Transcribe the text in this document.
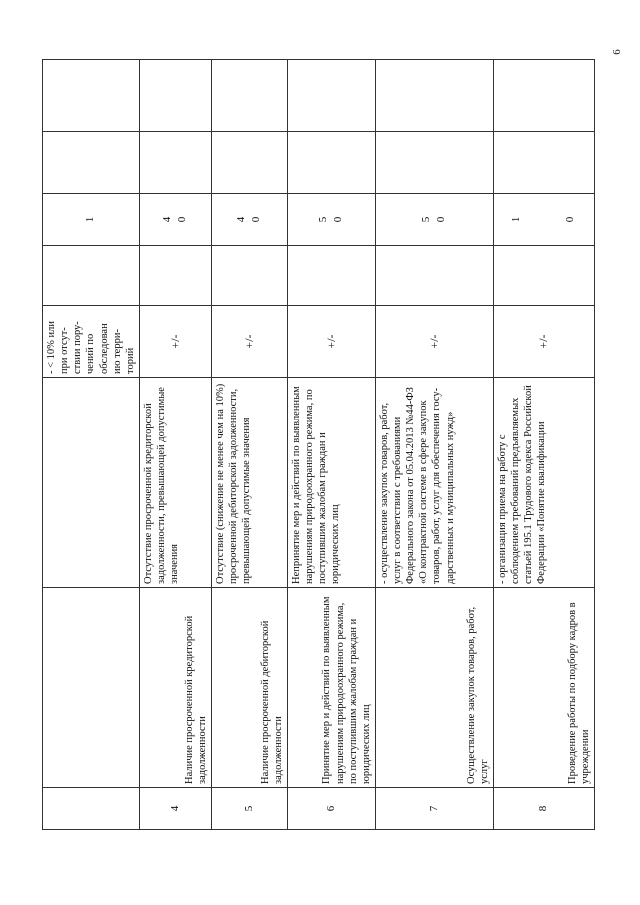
6
			- < 10% или при отсут-ствии пору-чений по обследован ию терри-торий		1		
4	Наличие просроченной кредиторской задолженности	Отсутствие просроченной кредиторской задолженности, превышающей допустимые значения	+/-		4 0		

5	Наличие просроченной дебиторской задолженности	Отсутствие (снижение не менее чем на 10%) просроченной дебиторской задолженности, превышающей допустимые значения	+/-		4 0		

6	Принятие мер и действий по выявленным нарушениям природоохранного режима, по поступившим жалобам граждан и юридических лиц	Непринятие мер и действий по выявленным нарушениям природоохранного режима, по поступившим жалобам граждан и юридических лиц	+/-		5 0		

7	Осуществление закупок товаров, работ, услуг	- осуществление закупок товаров, работ, услуг в соответствии с требованиями Федерального закона от 05.04.2013 №44-ФЗ «О контрактной системе в сфере закупок товаров, работ, услуг для обеспечения госу-дарственных и муниципальных нужд»	+/-		5 0		

8	Проведение работы по подбору кадров в учреждении	- организация приема на работу с соблюдением требований предъявляемых статьей 195.1 Трудового кодекса Российской Федерации «Понятие квалификации	+/-		1 0		
